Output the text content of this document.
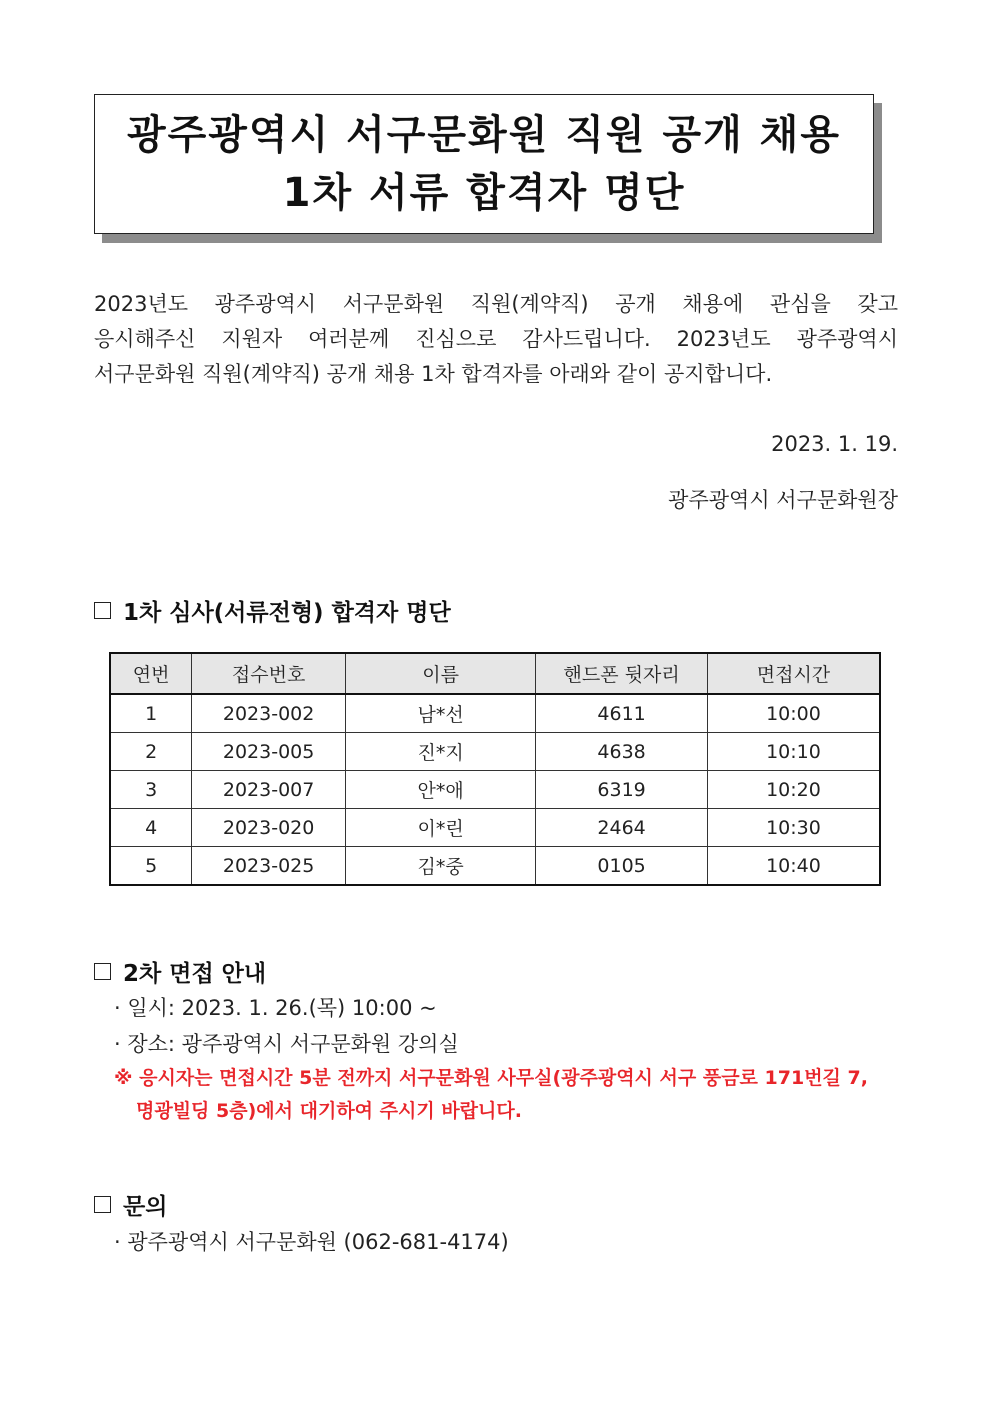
광주광역시 서구문화원 직원 공개 채용
1차 서류 합격자 명단
2023년도 광주광역시 서구문화원 직원(계약직) 공개 채용에 관심을 갖고
응시해주신 지원자 여러분께 진심으로 감사드립니다. 2023년도 광주광역시
서구문화원 직원(계약직) 공개 채용 1차 합격자를 아래와 같이 공지합니다.
2023. 1. 19.
광주광역시 서구문화원장
1차 심사(서류전형) 합격자 명단
연번	접수번호	이름	핸드폰 뒷자리	면접시간
1	2023-002	남*선	4611	10:00
2	2023-005	진*지	4638	10:10
3	2023-007	안*애	6319	10:20
4	2023-020	이*린	2464	10:30
5	2023-025	김*중	0105	10:40
2차 면접 안내
· 일시: 2023. 1. 26.(목) 10:00 ~
· 장소: 광주광역시 서구문화원 강의실
※ 응시자는 면접시간 5분 전까지 서구문화원 사무실(광주광역시 서구 풍금로 171번길 7,
명광빌딩 5층)에서 대기하여 주시기 바랍니다.
문의
· 광주광역시 서구문화원 (062-681-4174)
